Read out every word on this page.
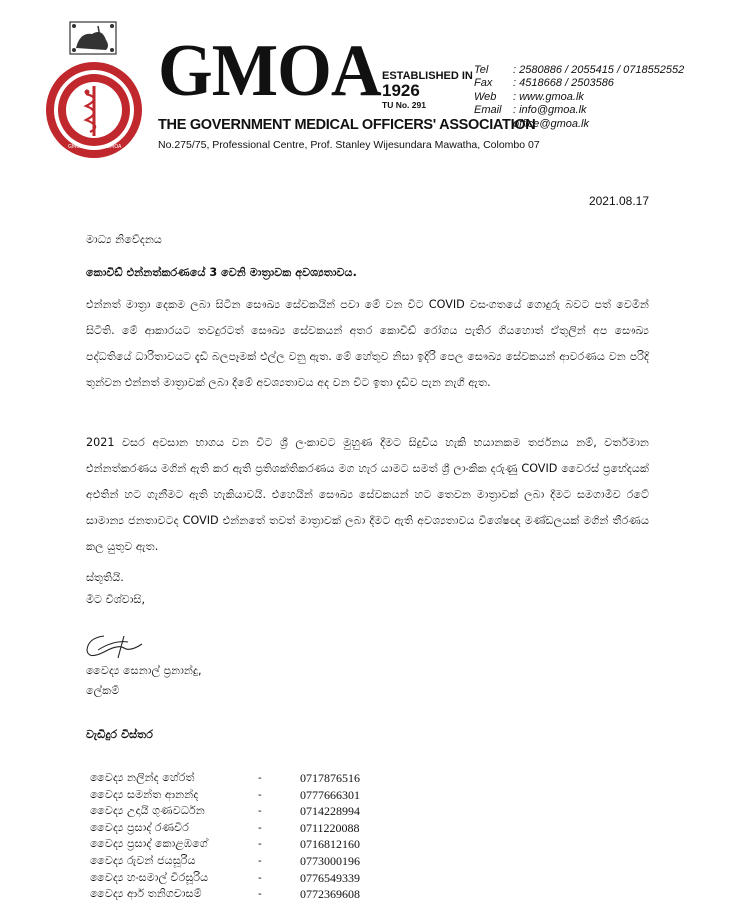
GMOA	GMOA
GMOA ESTABLISHED IN
1926
TU No. 291
THE GOVERNMENT MEDICAL OFFICERS' ASSOCIATION
No.275/75, Professional Centre, Prof. Stanley Wijesundara Mawatha, Colombo 07
Tel	: 2580886 / 2055415 / 0718552552
Fax	: 4518668 / 2503586
Web	: www.gmoa.lk
Email	: info@gmoa.lk
office@gmoa.lk
2021.08.17
මාධ්‍ය නිවේදනය
කොවිඩ් එන්නත්කරණයේ 3 වෙනි මාත්‍රාවක අවශ්‍යතාවය.
එන්නත් මාත්‍රා දෙකම ලබා සිටින සෞඛ්‍ය සේවකයින් පවා මේ වන විට COVID වසංගතයේ ගොදුරු බවට පත් වෙමින් සිටිති. මේ ආකාරයට තවදුරටත් සෞඛ්‍ය සේවකයන් අතර කොවිඩ් රෝගය පැතිර ගියහොත් ඒතුලින් අප සෞඛ්‍ය පද්ධතියේ ධාරිතාවයට දැඩි බලපෑමක් එල්ල වනු ඇත. මේ හේතුව නිසා ඉදිරි පෙල සෞඛ්‍ය සේවකයන් ආවරණය වන පරිදි තුන්වන එන්නත් මාත්‍රාවක් ලබා දීමේ අවශ්‍යතාවය අද වන විට ඉතා දැඩිව පැන නැගී ඇත.
2021 වසර අවසාන භාගය වන විට ශ්‍රී ලංකාවට මුහුණ දීමට සිදුවිය හැකි භයානකම තර්ජනය නම්, වර්තමාන එන්නත්කරණය මගින් ඇති කර ඇති ප්‍රතිශක්තිකරණය මග හැර යාමට සමත් ශ්‍රී ලාංකික දරුණු COVID වෛරස් ප්‍රභේදයක් අළුතින් හට ගැනීමට ඇති හැකියාවයි. එහෙයින් සෞඛ්‍ය සේවකයන් හට තෙවන මාත්‍රාවක් ලබා දීමට සමගාමීව රටේ සාමාන්‍ය ජනතාවටද COVID එන්නතේ තවත් මාත්‍රාවක් ලබා දීමට ඇති අවශ්‍යතාවය විශේෂඥ මණ්ඩලයක් මගින් තීරණය කල යුතුව ඇත.
ස්තූතියි.
මීට විශ්වාසි,
වෛද්‍ය සෙනාල් ප්‍රනාන්දු,
ලේකම්
වැඩිදුර විස්තර
වෛද්‍ය නලින්ද හේරත්	-	0717876516
වෛද්‍ය සමන්ත ආනන්ද	-	0777666301
වෛද්‍ය උදායි ගුණවර්ධන	-	0714228994
වෛද්‍ය ප්‍රසාද් රණවීර	-	0711220088
වෛද්‍ය ප්‍රසාද් කොළඹගේ	-	0716812160
වෛද්‍ය රුවන් ජයසූරිය	-	0773000196
වෛද්‍ය හංසමාල් වීරසූරිය	-	0776549339
වෛද්‍ය ආර් තනිගචාසම්	-	0772369608
